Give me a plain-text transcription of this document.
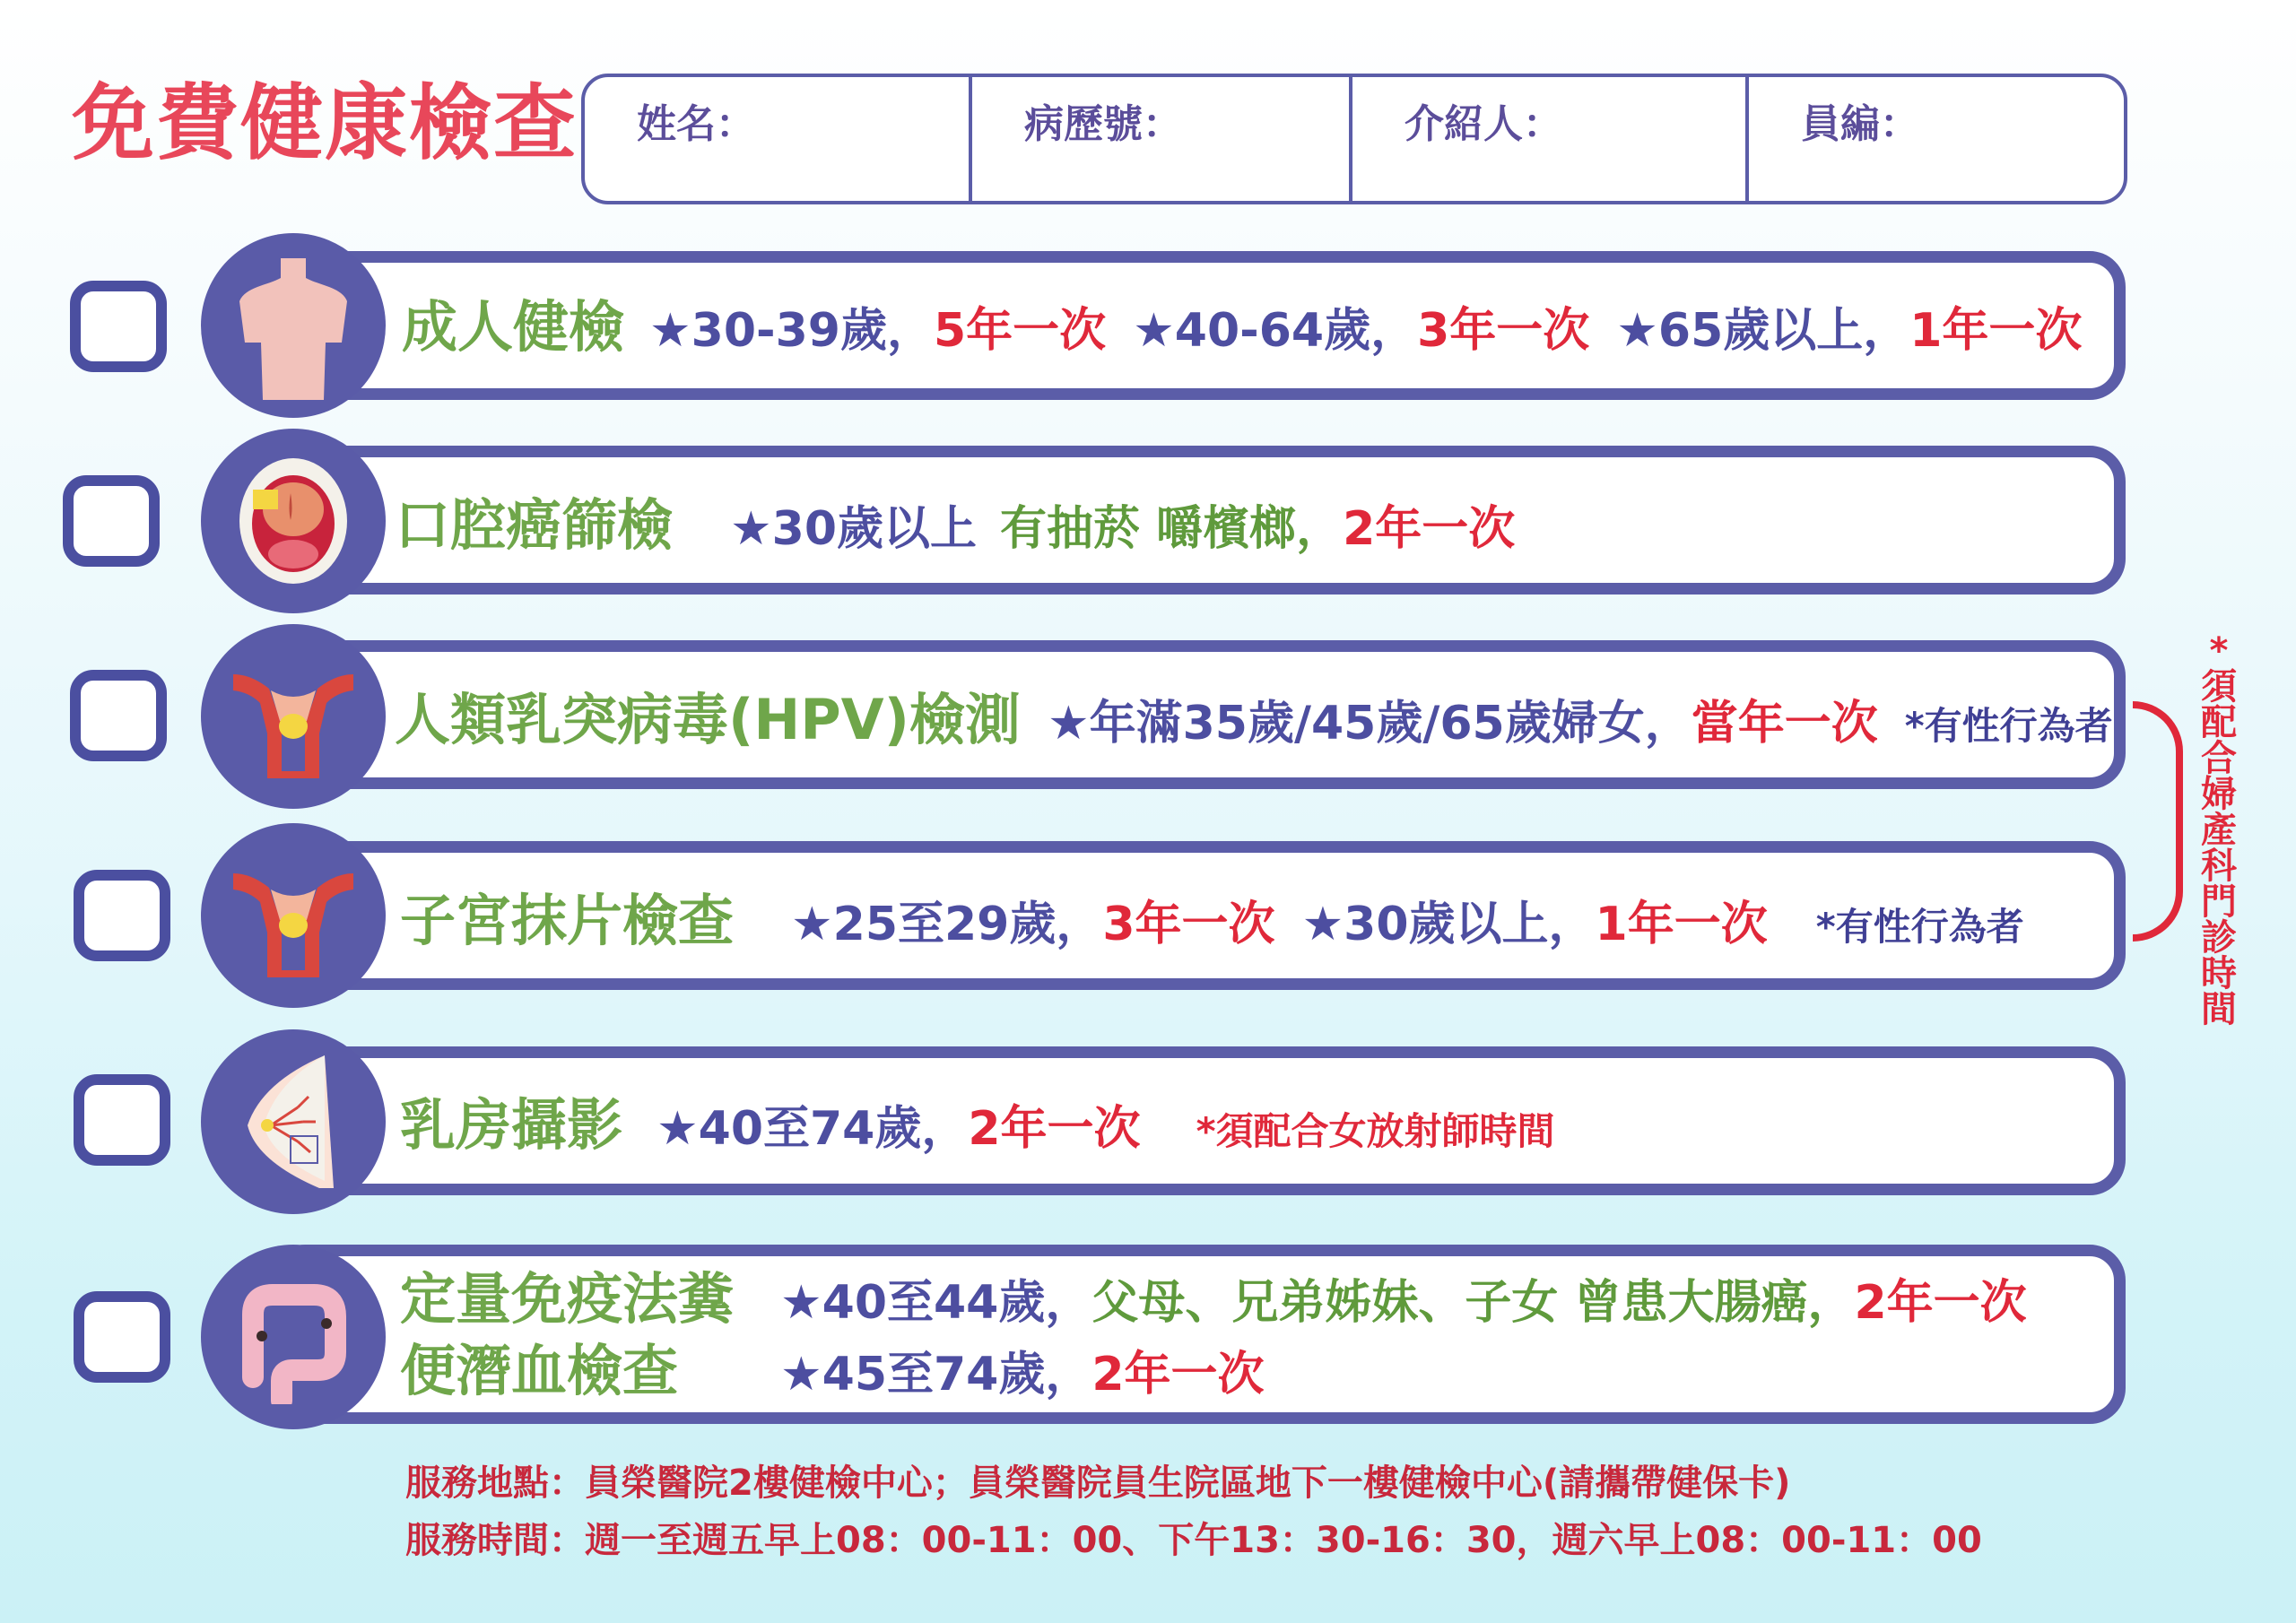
免費健康檢查	姓名：	病歷號：	介紹人：	員編：
成人健檢 ★30-39歲， 5年一次 ★40-64歲， 3年一次 ★65歲以上， 1年一次
口腔癌篩檢 ★30歲以上 有抽菸 嚼檳榔， 2年一次
人類乳突病毒(HPV)檢測 ★年滿35歲/45歲/65歲婦女， 當年一次 *有性行為者
子宮抹片檢查 ★25至29歲， 3年一次 ★30歲以上， 1年一次 *有性行為者
*須配合婦產科門診時間
乳房攝影 ★40至74歲， 2年一次 *須配合女放射師時間
定量免疫法糞 ★40至44歲， 父母、兄弟姊妹、子女 曾患大腸癌， 2年一次
便潛血檢查 ★45至74歲， 2年一次
服務地點：員榮醫院2樓健檢中心；員榮醫院員生院區地下一樓健檢中心(請攜帶健保卡)
服務時間：週一至週五早上08：00-11：00、下午13：30-16：30，週六早上08：00-11：00
